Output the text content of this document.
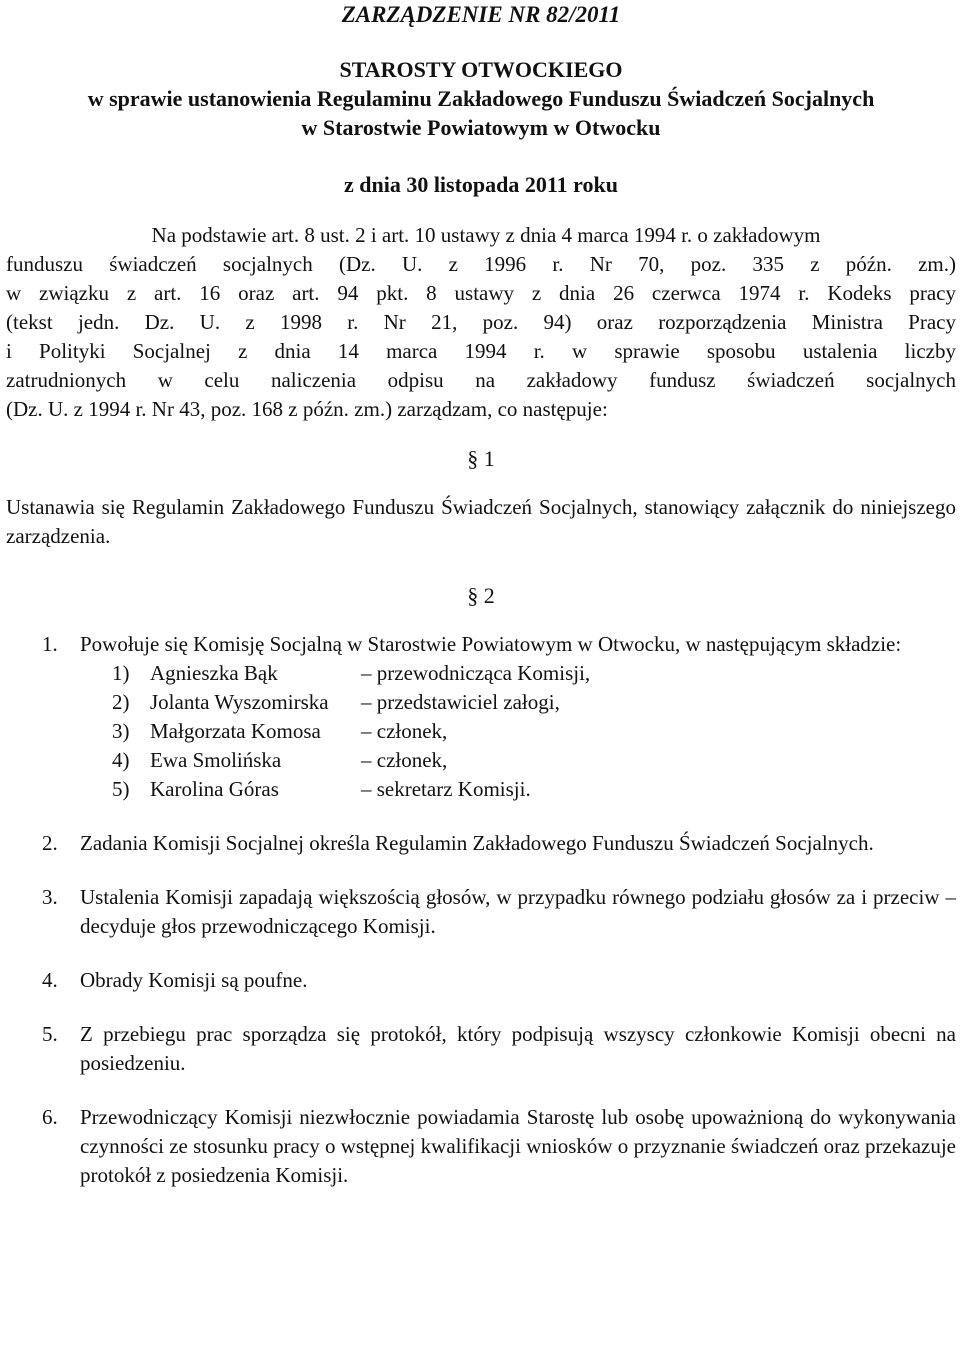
ZARZĄDZENIE NR 82/2011

STAROSTY OTWOCKIEGO

w sprawie ustanowienia Regulaminu Zakładowego Funduszu Świadczeń Socjalnych

w Starostwie Powiatowym w Otwocku

z dnia 30 listopada 2011 roku

Na podstawie art. 8 ust. 2 i art. 10 ustawy z dnia 4 marca 1994 r. o zakładowym

funduszu świadczeń socjalnych (Dz. U. z 1996 r. Nr 70, poz. 335 z późn. zm.)

w związku z art. 16 oraz art. 94 pkt. 8 ustawy z dnia 26 czerwca 1974 r. Kodeks pracy

(tekst jedn. Dz. U. z 1998 r. Nr 21, poz. 94) oraz rozporządzenia Ministra Pracy

i Polityki Socjalnej z dnia 14 marca 1994 r. w sprawie sposobu ustalenia liczby

zatrudnionych w celu naliczenia odpisu na zakładowy fundusz świadczeń socjalnych

(Dz. U. z 1994 r. Nr 43, poz. 168 z późn. zm.) zarządzam, co następuje:

§ 1

Ustanawia się Regulamin Zakładowego Funduszu Świadczeń Socjalnych, stanowiący załącznik do niniejszego zarządzenia.

§ 2

1.	Powołuje się Komisję Socjalną w Starostwie Powiatowym w Otwocku, w następującym składzie:
1) Agnieszka Bąk	– przewodnicząca Komisji,
2) Jolanta Wyszomirska	– przedstawiciel załogi,
3) Małgorzata Komosa	– członek,
4) Ewa Smolińska	– członek,
5) Karolina Góras	– sekretarz Komisji.
2.	Zadania Komisji Socjalnej określa Regulamin Zakładowego Funduszu Świadczeń Socjalnych.
3.	Ustalenia Komisji zapadają większością głosów, w przypadku równego podziału głosów za i przeciw – decyduje głos przewodniczącego Komisji.
4.	Obrady Komisji są poufne.
5.	Z przebiegu prac sporządza się protokół, który podpisują wszyscy członkowie Komisji obecni na posiedzeniu.
6.	Przewodniczący Komisji niezwłocznie powiadamia Starostę lub osobę upoważnioną do wykonywania czynności ze stosunku pracy o wstępnej kwalifikacji wniosków o przyznanie świadczeń oraz przekazuje protokół z posiedzenia Komisji.
